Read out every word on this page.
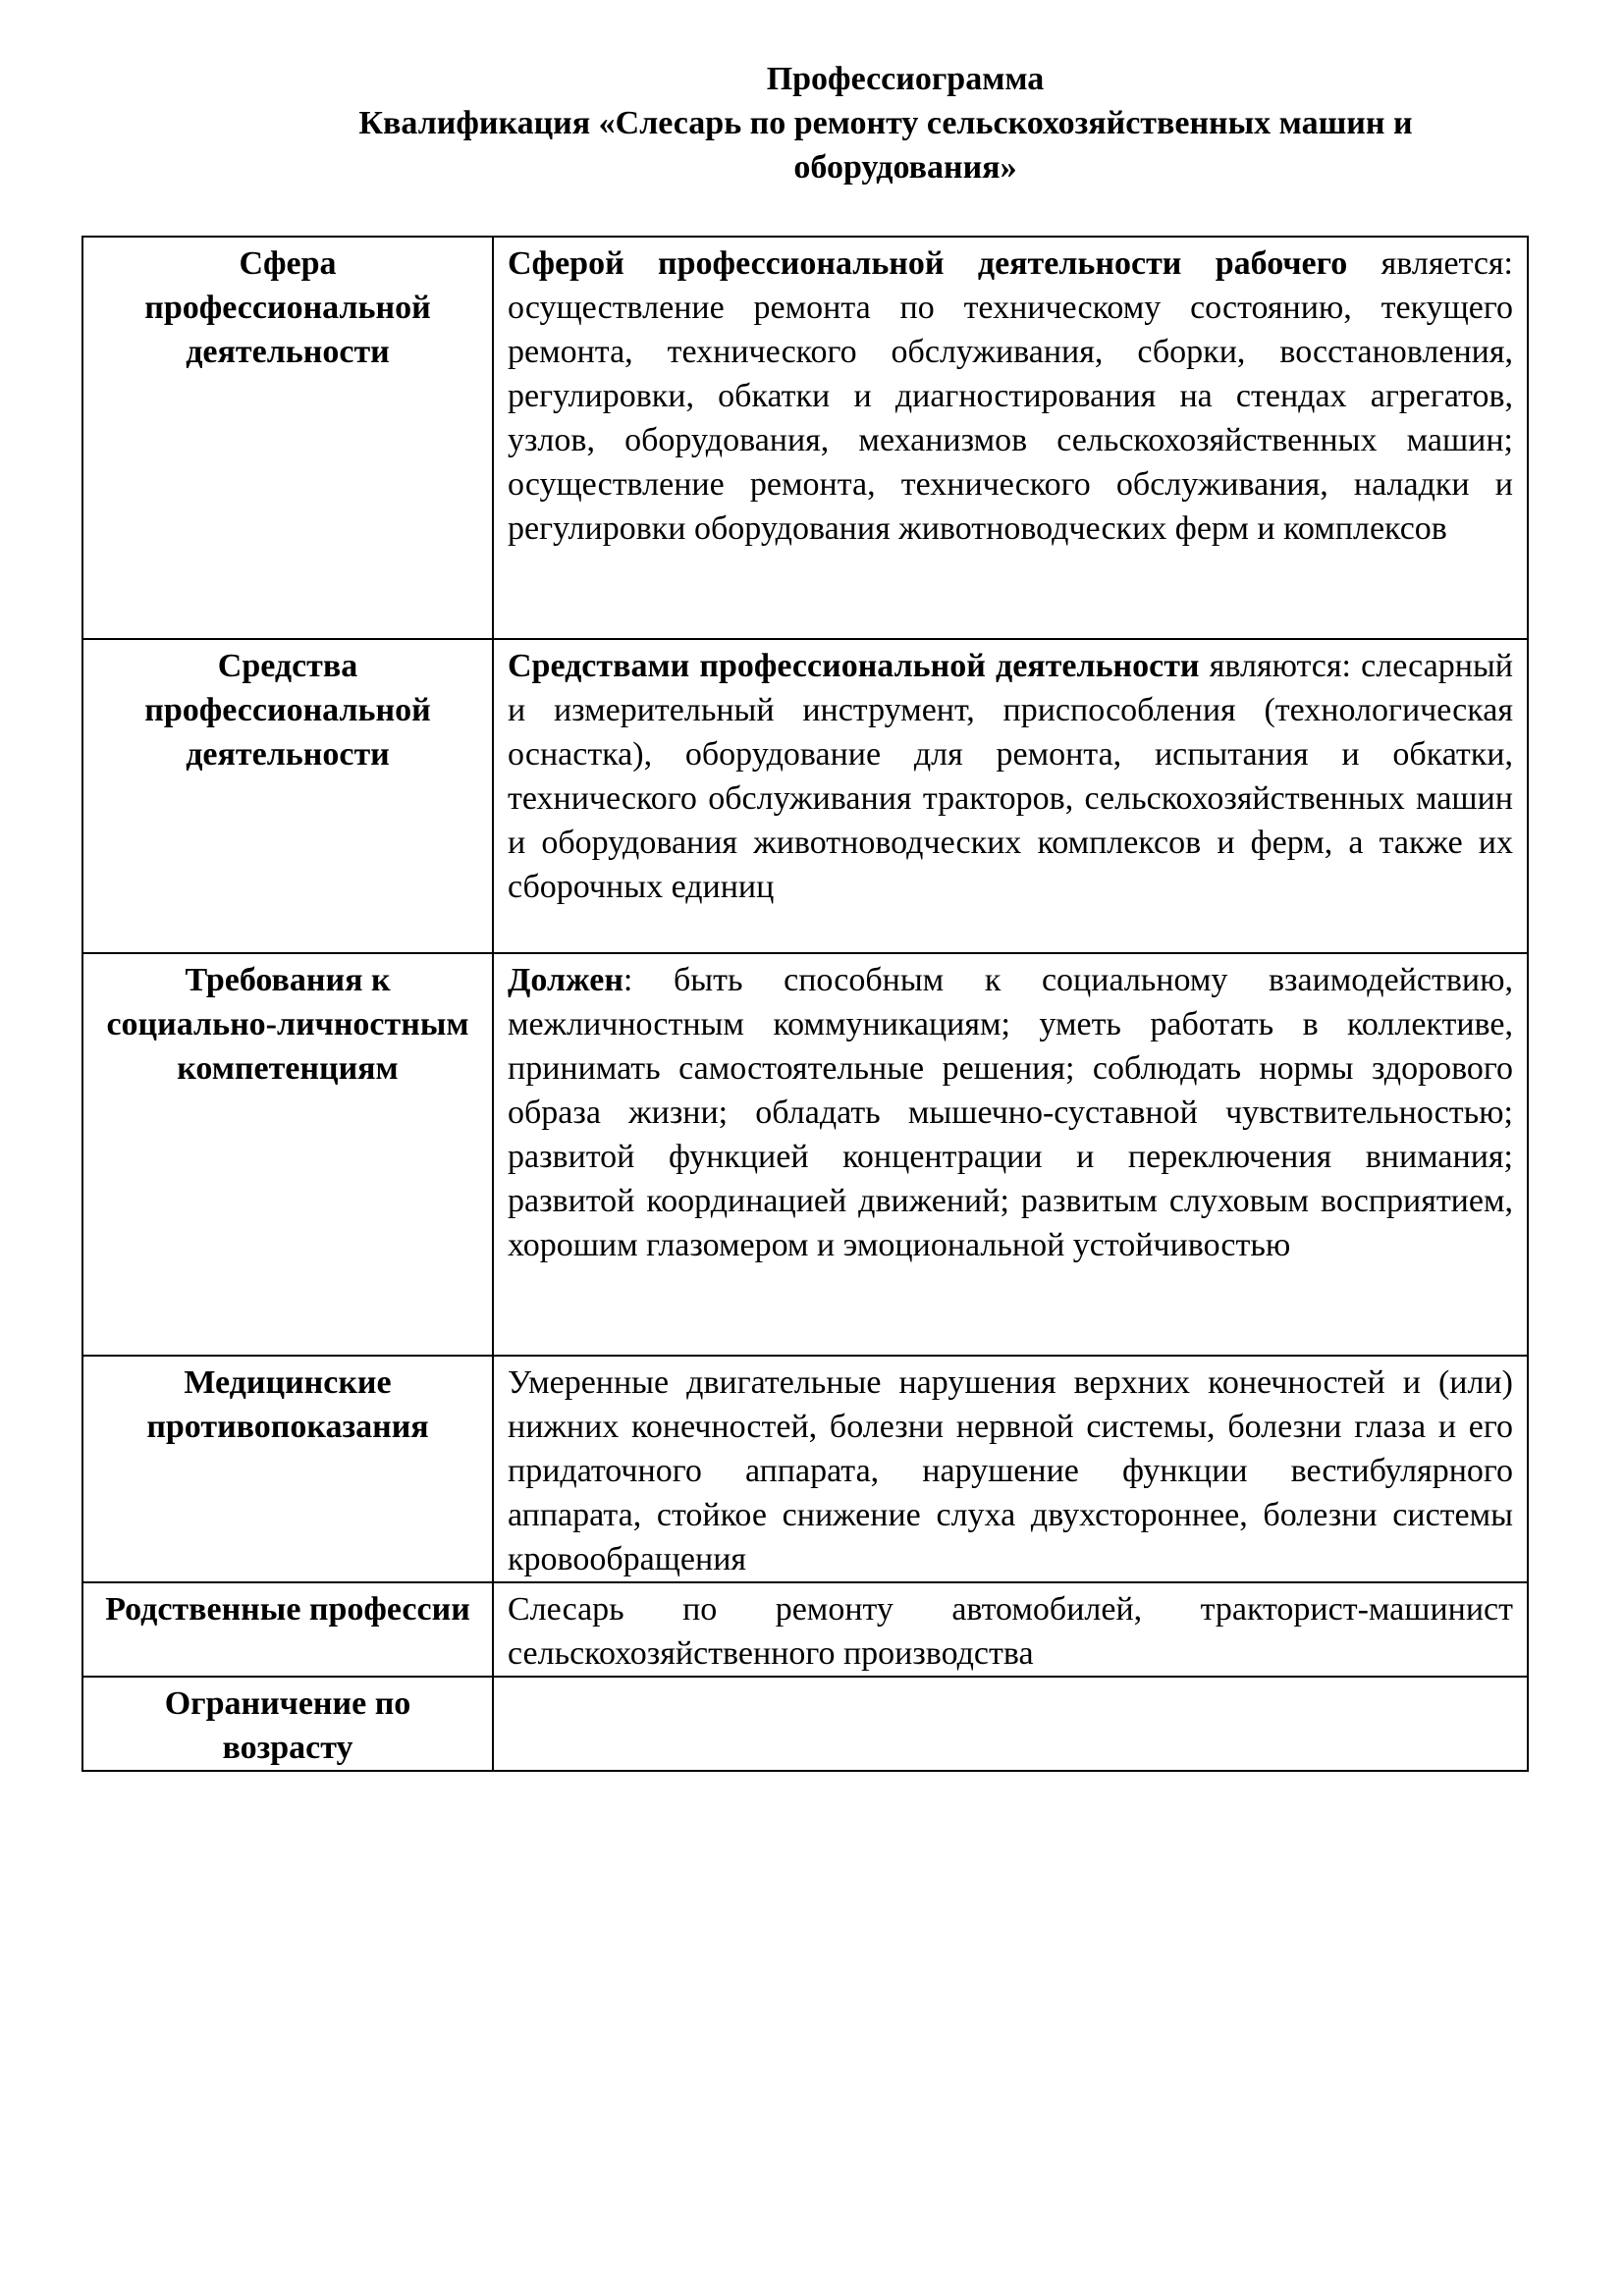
Профессиограмма
Квалификация «Слесарь по ремонту сельскохозяйственных машин и
оборудования»
Сфера профессиональной деятельности	Сферой профессиональной деятельности рабочего является: осуществление ремонта по техническому состоянию, текущего ремонта, технического обслуживания, сборки, восстановления, регулировки, обкатки и диагностирования на стендах агрегатов, узлов, оборудования, механизмов сельскохозяйственных машин; осуществление ремонта, технического обслуживания, наладки и регулировки оборудования животноводческих ферм и комплексов
Средства профессиональной деятельности	Средствами профессиональной деятельности являются: слесарный и измерительный инструмент, приспособления (технологическая оснастка), оборудование для ремонта, испытания и обкатки, технического обслуживания тракторов, сельскохозяйственных машин и оборудования животноводческих комплексов и ферм, а также их сборочных единиц
Требования к социально-личностным компетенциям	Должен: быть способным к социальному взаимодействию, межличностным коммуникациям; уметь работать в коллективе, принимать самостоятельные решения; соблюдать нормы здорового образа жизни; обладать мышечно-суставной чувствительностью; развитой функцией концентрации и переключения внимания; развитой координацией движений; развитым слуховым восприятием, хорошим глазомером и эмоциональной устойчивостью
Медицинские противопоказания	Умеренные двигательные нарушения верхних конечностей и (или) нижних конечностей, болезни нервной системы, болезни глаза и его придаточного аппарата, нарушение функции вестибулярного аппарата, стойкое снижение слуха двухстороннее, болезни системы кровообращения
Родственные профессии	Слесарь по ремонту автомобилей, тракторист-машинист сельскохозяйственного производства
Ограничение по возрасту	
